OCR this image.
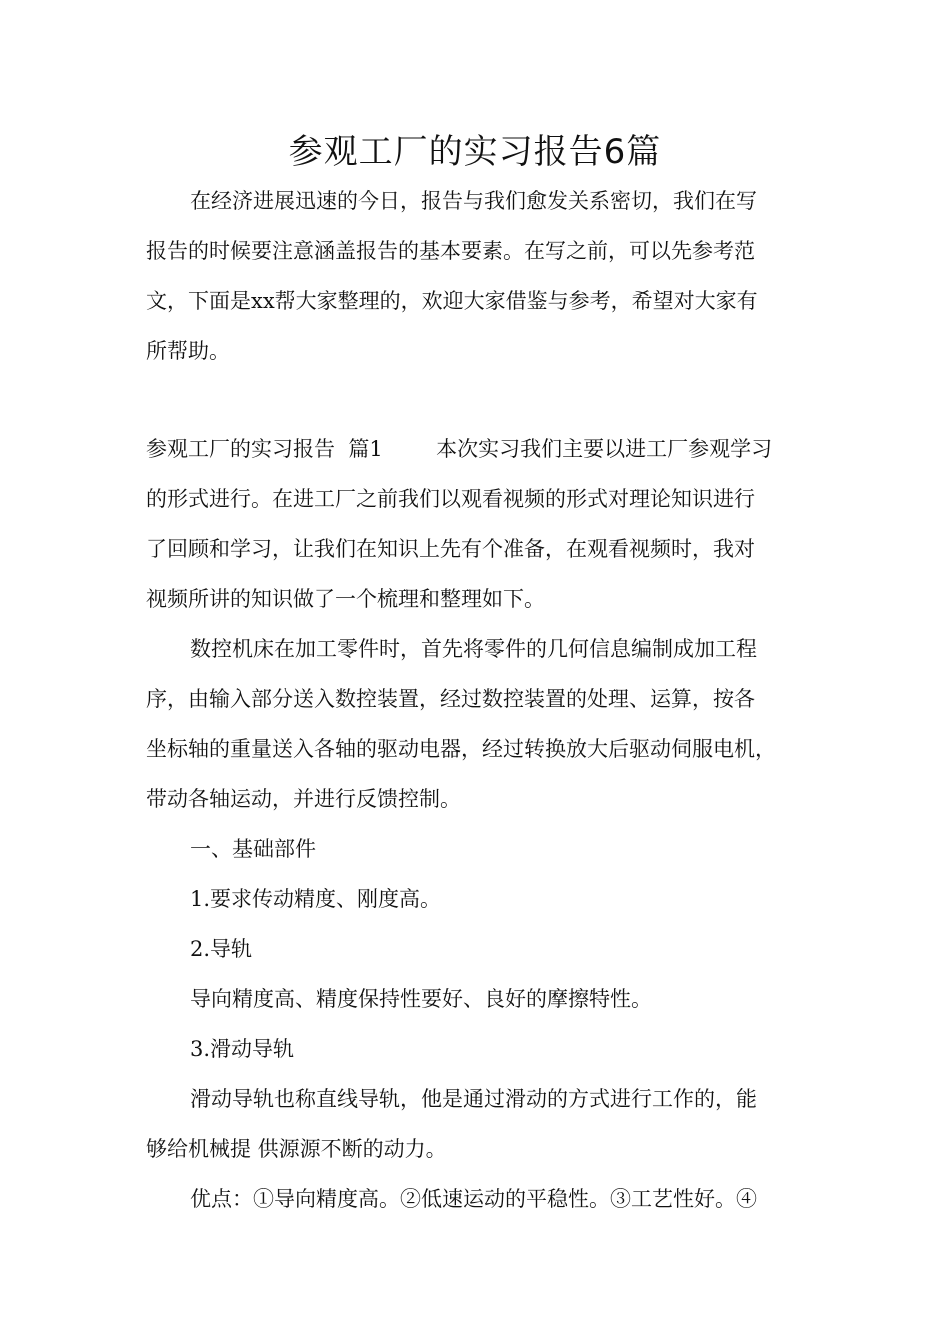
参观工厂的实习报告6篇

在经济进展迅速的今日，报告与我们愈发关系密切，我们在写

报告的时候要注意涵盖报告的基本要素。在写之前，可以先参考范

文，下面是xx帮大家整理的，欢迎大家借鉴与参考，希望对大家有

所帮助。

参观工厂的实习报告  篇1        本次实习我们主要以进工厂参观学习

的形式进行。在进工厂之前我们以观看视频的形式对理论知识进行

了回顾和学习，让我们在知识上先有个准备，在观看视频时，我对

视频所讲的知识做了一个梳理和整理如下。

数控机床在加工零件时，首先将零件的几何信息编制成加工程

序，由输入部分送入数控装置，经过数控装置的处理、运算，按各

坐标轴的重量送入各轴的驱动电器，经过转换放大后驱动伺服电机，

带动各轴运动，并进行反馈控制。

一、基础部件

1.要求传动精度、刚度高。

2.导轨

导向精度高、精度保持性要好、良好的摩擦特性。

3.滑动导轨

滑动导轨也称直线导轨，他是通过滑动的方式进行工作的，能

够给机械提 供源源不断的动力。

优点：①导向精度高。②低速运动的平稳性。③工艺性好。④
